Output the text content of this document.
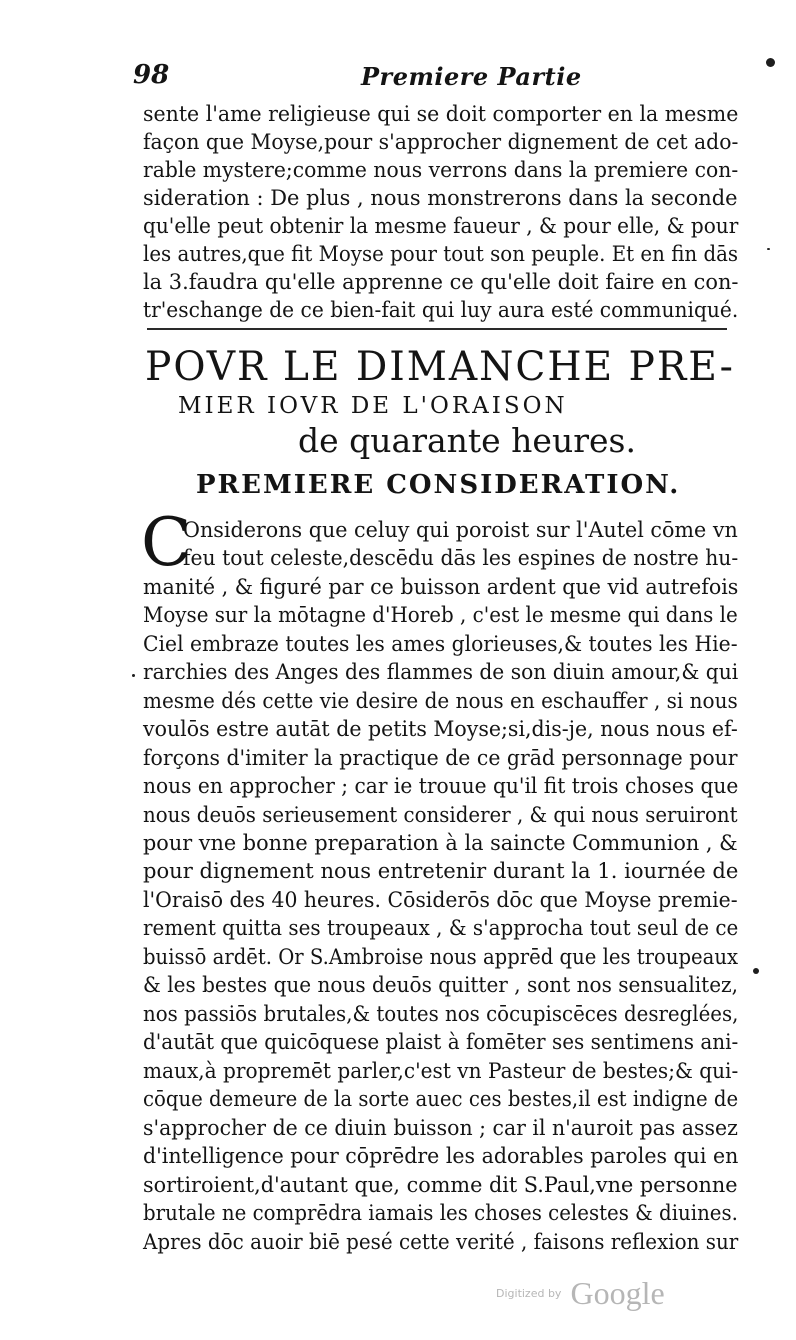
98	Premiere Partie
sente l'ame religieuse qui se doit comporter en la mesme
façon que Moyse,pour s'approcher dignement de cet ado-
rable mystere;comme nous verrons dans la premiere con-
sideration : De plus , nous monstrerons dans la seconde
qu'elle peut obtenir la mesme faueur , & pour elle, & pour
les autres,que fit Moyse pour tout son peuple. Et en fin dās
la 3.faudra qu'elle apprenne ce qu'elle doit faire en con-
tr'eschange de ce bien-fait qui luy aura esté communiqué.
POVR LE DIMANCHE PRE-
MIER IOVR DE L'ORAISON
de quarante heures.
PREMIERE CONSIDERATION.
C
Onsiderons que celuy qui poroist sur l'Autel cōme vn
feu tout celeste,descēdu dās les espines de nostre hu-
manité , & figuré par ce buisson ardent que vid autrefois
Moyse sur la mōtagne d'Horeb , c'est le mesme qui dans le
Ciel embraze toutes les ames glorieuses,& toutes les Hie-
rarchies des Anges des flammes de son diuin amour,& qui
mesme dés cette vie desire de nous en eschauffer , si nous
voulōs estre autāt de petits Moyse;si,dis-je, nous nous ef-
forçons d'imiter la practique de ce grād personnage pour
nous en approcher ; car ie trouue qu'il fit trois choses que
nous deuōs serieusement considerer , & qui nous seruiront
pour vne bonne preparation à la saincte Communion , &
pour dignement nous entretenir durant la 1. iournée de
l'Oraisō des 40 heures. Cōsiderōs dōc que Moyse premie-
rement quitta ses troupeaux , & s'approcha tout seul de ce
buissō ardēt. Or S.Ambroise nous apprēd que les troupeaux
& les bestes que nous deuōs quitter , sont nos sensualitez,
nos passiōs brutales,& toutes nos cōcupiscēces desreglées,
d'autāt que quicōquese plaist à fomēter ses sentimens ani-
maux,à propremēt parler,c'est vn Pasteur de bestes;& qui-
cōque demeure de la sorte auec ces bestes,il est indigne de
s'approcher de ce diuin buisson ; car il n'auroit pas assez
d'intelligence pour cōprēdre les adorables paroles qui en
sortiroient,d'autant que, comme dit S.Paul,vne personne
brutale ne comprēdra iamais les choses celestes & diuines.
Apres dōc auoir biē pesé cette verité , faisons reflexion sur
Digitized by Google
